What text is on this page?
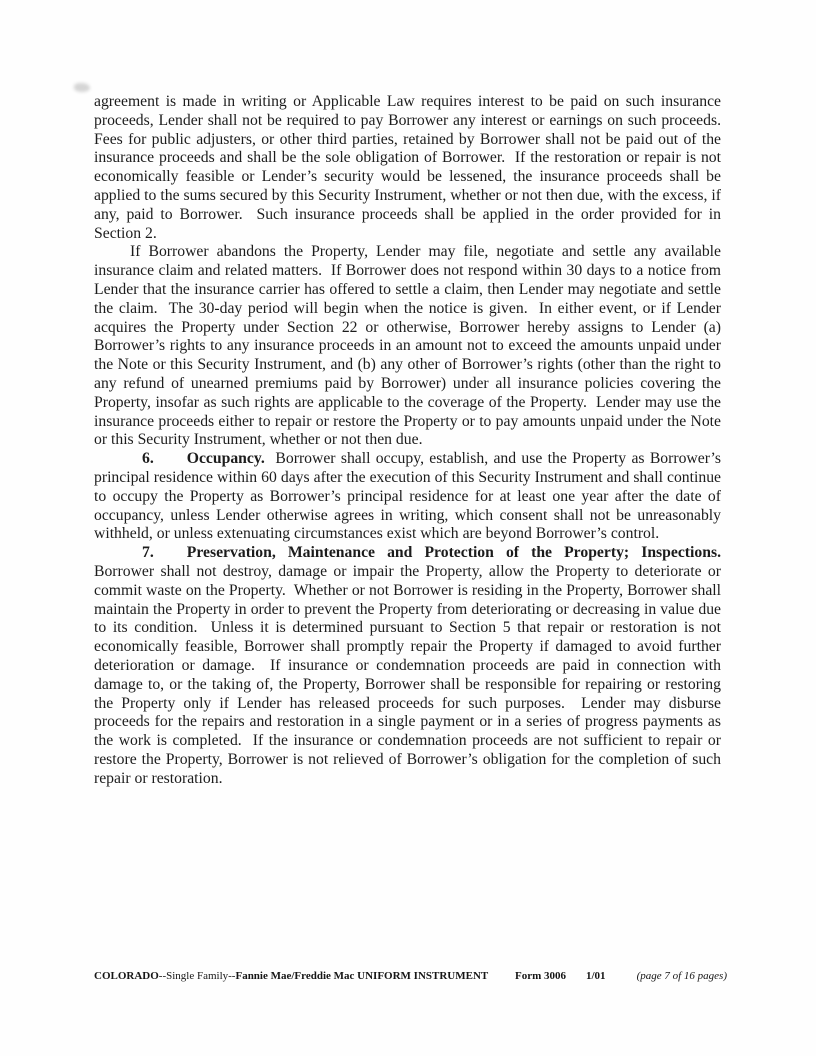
agreement is made in writing or Applicable Law requires interest to be paid on such insurance proceeds, Lender shall not be required to pay Borrower any interest or earnings on such proceeds.  Fees for public adjusters, or other third parties, retained by Borrower shall not be paid out of the insurance proceeds and shall be the sole obligation of Borrower.  If the restoration or repair is not economically feasible or Lender’s security would be lessened, the insurance proceeds shall be applied to the sums secured by this Security Instrument, whether or not then due, with the excess, if any, paid to Borrower.  Such insurance proceeds shall be applied in the order provided for in Section 2.

If Borrower abandons the Property, Lender may file, negotiate and settle any available insurance claim and related matters.  If Borrower does not respond within 30 days to a notice from Lender that the insurance carrier has offered to settle a claim, then Lender may negotiate and settle the claim.  The 30-day period will begin when the notice is given.  In either event, or if Lender acquires the Property under Section 22 or otherwise, Borrower hereby assigns to Lender (a) Borrower’s rights to any insurance proceeds in an amount not to exceed the amounts unpaid under the Note or this Security Instrument, and (b) any other of Borrower’s rights (other than the right to any refund of unearned premiums paid by Borrower) under all insurance policies covering the Property, insofar as such rights are applicable to the coverage of the Property.  Lender may use the insurance proceeds either to repair or restore the Property or to pay amounts unpaid under the Note or this Security Instrument, whether or not then due.

6. Occupancy.  Borrower shall occupy, establish, and use the Property as Borrower’s principal residence within 60 days after the execution of this Security Instrument and shall continue to occupy the Property as Borrower’s principal residence for at least one year after the date of occupancy, unless Lender otherwise agrees in writing, which consent shall not be unreasonably withheld, or unless extenuating circumstances exist which are beyond Borrower’s control.

7. Preservation, Maintenance and Protection of the Property; Inspections.  Borrower shall not destroy, damage or impair the Property, allow the Property to deteriorate or commit waste on the Property.  Whether or not Borrower is residing in the Property, Borrower shall maintain the Property in order to prevent the Property from deteriorating or decreasing in value due to its condition.  Unless it is determined pursuant to Section 5 that repair or restoration is not economically feasible, Borrower shall promptly repair the Property if damaged to avoid further deterioration or damage.  If insurance or condemnation proceeds are paid in connection with damage to, or the taking of, the Property, Borrower shall be responsible for repairing or restoring the Property only if Lender has released proceeds for such purposes.  Lender may disburse proceeds for the repairs and restoration in a single payment or in a series of progress payments as the work is completed.  If the insurance or condemnation proceeds are not sufficient to repair or restore the Property, Borrower is not relieved of Borrower’s obligation for the completion of such repair or restoration.

COLORADO--Single Family--Fannie Mae/Freddie Mac UNIFORM INSTRUMENT Form 3006 1/01	(page 7 of 16 pages)
